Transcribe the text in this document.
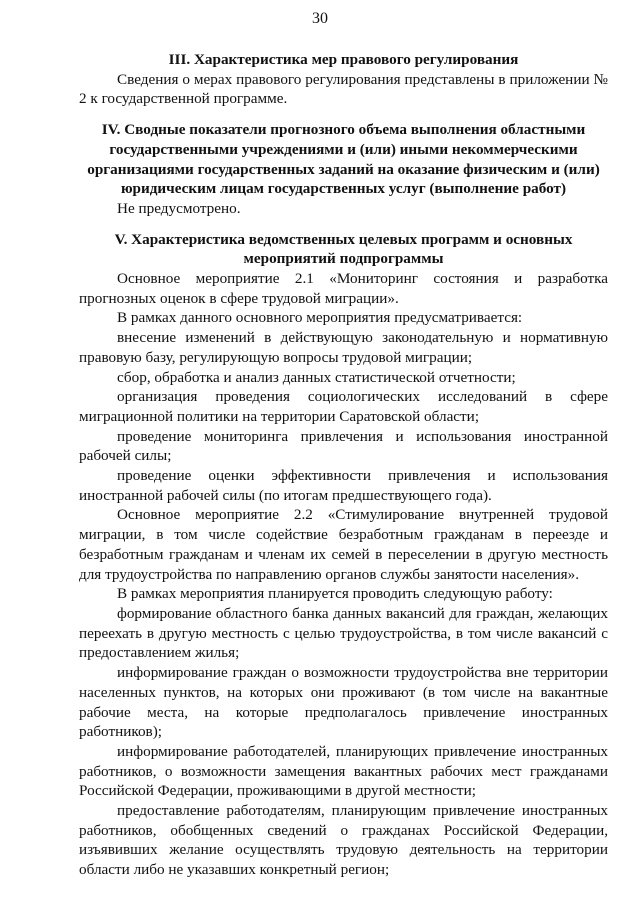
30
III. Характеристика мер правового регулирования

Сведения о мерах правового регулирования представлены в приложении № 2 к государственной программе.

IV. Сводные показатели прогнозного объема выполнения областными государственными учреждениями и (или) иными некоммерческими организациями государственных заданий на оказание физическим и (или) юридическим лицам государственных услуг (выполнение работ)

Не предусмотрено.

V. Характеристика ведомственных целевых программ и основных мероприятий подпрограммы

Основное мероприятие 2.1 «Мониторинг состояния и разработка прогнозных оценок в сфере трудовой миграции».

В рамках данного основного мероприятия предусматривается:

внесение изменений в действующую законодательную и нормативную правовую базу, регулирующую вопросы трудовой миграции;

сбор, обработка и анализ данных статистической отчетности;

организация проведения социологических исследований в сфере миграционной политики на территории Саратовской области;

проведение мониторинга привлечения и использования иностранной рабочей силы;

проведение оценки эффективности привлечения и использования иностранной рабочей силы (по итогам предшествующего года).

Основное мероприятие 2.2 «Стимулирование внутренней трудовой миграции, в том числе содействие безработным гражданам в переезде и безработным гражданам и членам их семей в переселении в другую местность для трудоустройства по направлению органов службы занятости населения».

В рамках мероприятия планируется проводить следующую работу:

формирование областного банка данных вакансий для граждан, желающих переехать в другую местность с целью трудоустройства, в том числе вакансий с предоставлением жилья;

информирование граждан о возможности трудоустройства вне территории населенных пунктов, на которых они проживают (в том числе на вакантные рабочие места, на которые предполагалось привлечение иностранных работников);

информирование работодателей, планирующих привлечение иностранных работников, о возможности замещения вакантных рабочих мест гражданами Российской Федерации, проживающими в другой местности;

предоставление работодателям, планирующим привлечение иностранных работников, обобщенных сведений о гражданах Российской Федерации, изъявивших желание осуществлять трудовую деятельность на территории области либо не указавших конкретный регион;
